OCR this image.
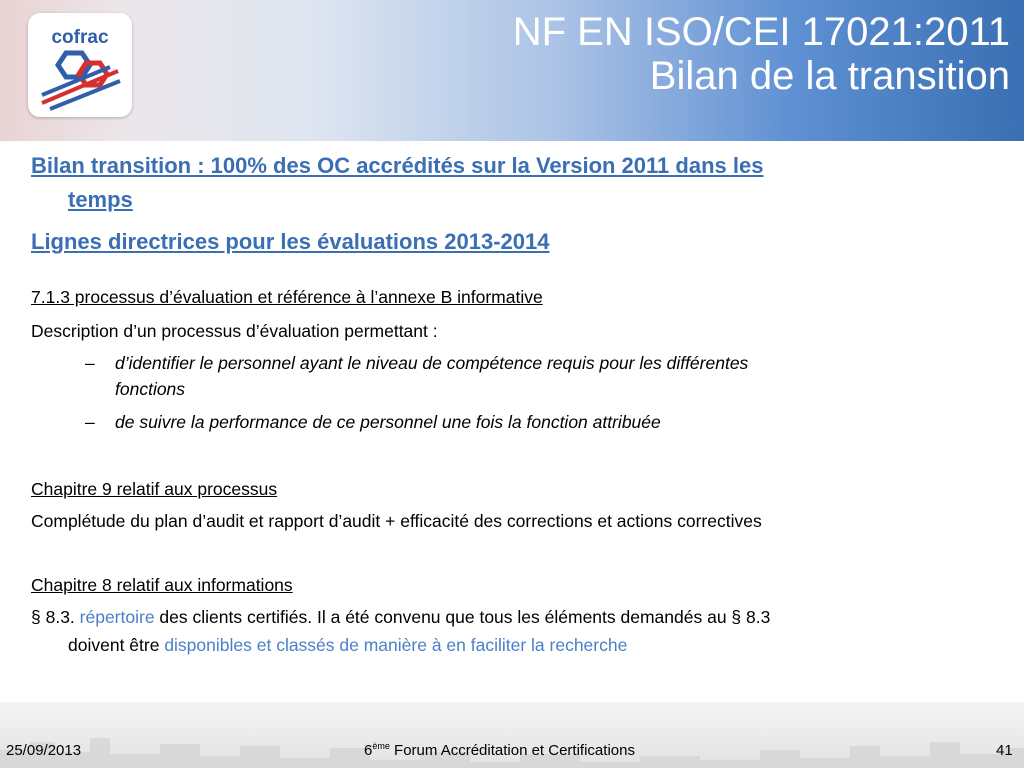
cofrac	NF EN ISO/CEI 17021:2011
Bilan de la transition
Bilan transition : 100% des OC accrédités sur la Version 2011 dans les
temps
Lignes directrices pour les évaluations 2013-2014
7.1.3 processus d’évaluation et référence à l’annexe B informative
Description d’un processus d’évaluation permettant :
– d’identifier le personnel ayant le niveau de compétence requis pour les différentes
fonctions
– de suivre la performance de ce personnel une fois la fonction attribuée
Chapitre 9 relatif aux processus
Complétude du plan d’audit et rapport d’audit + efficacité des corrections et actions correctives
Chapitre 8 relatif aux informations
§ 8.3. répertoire des clients certifiés. Il a été convenu que tous les éléments demandés au § 8.3
doivent être disponibles et classés de manière à en faciliter la recherche
25/09/2013	6ème Forum Accréditation et Certifications	41
